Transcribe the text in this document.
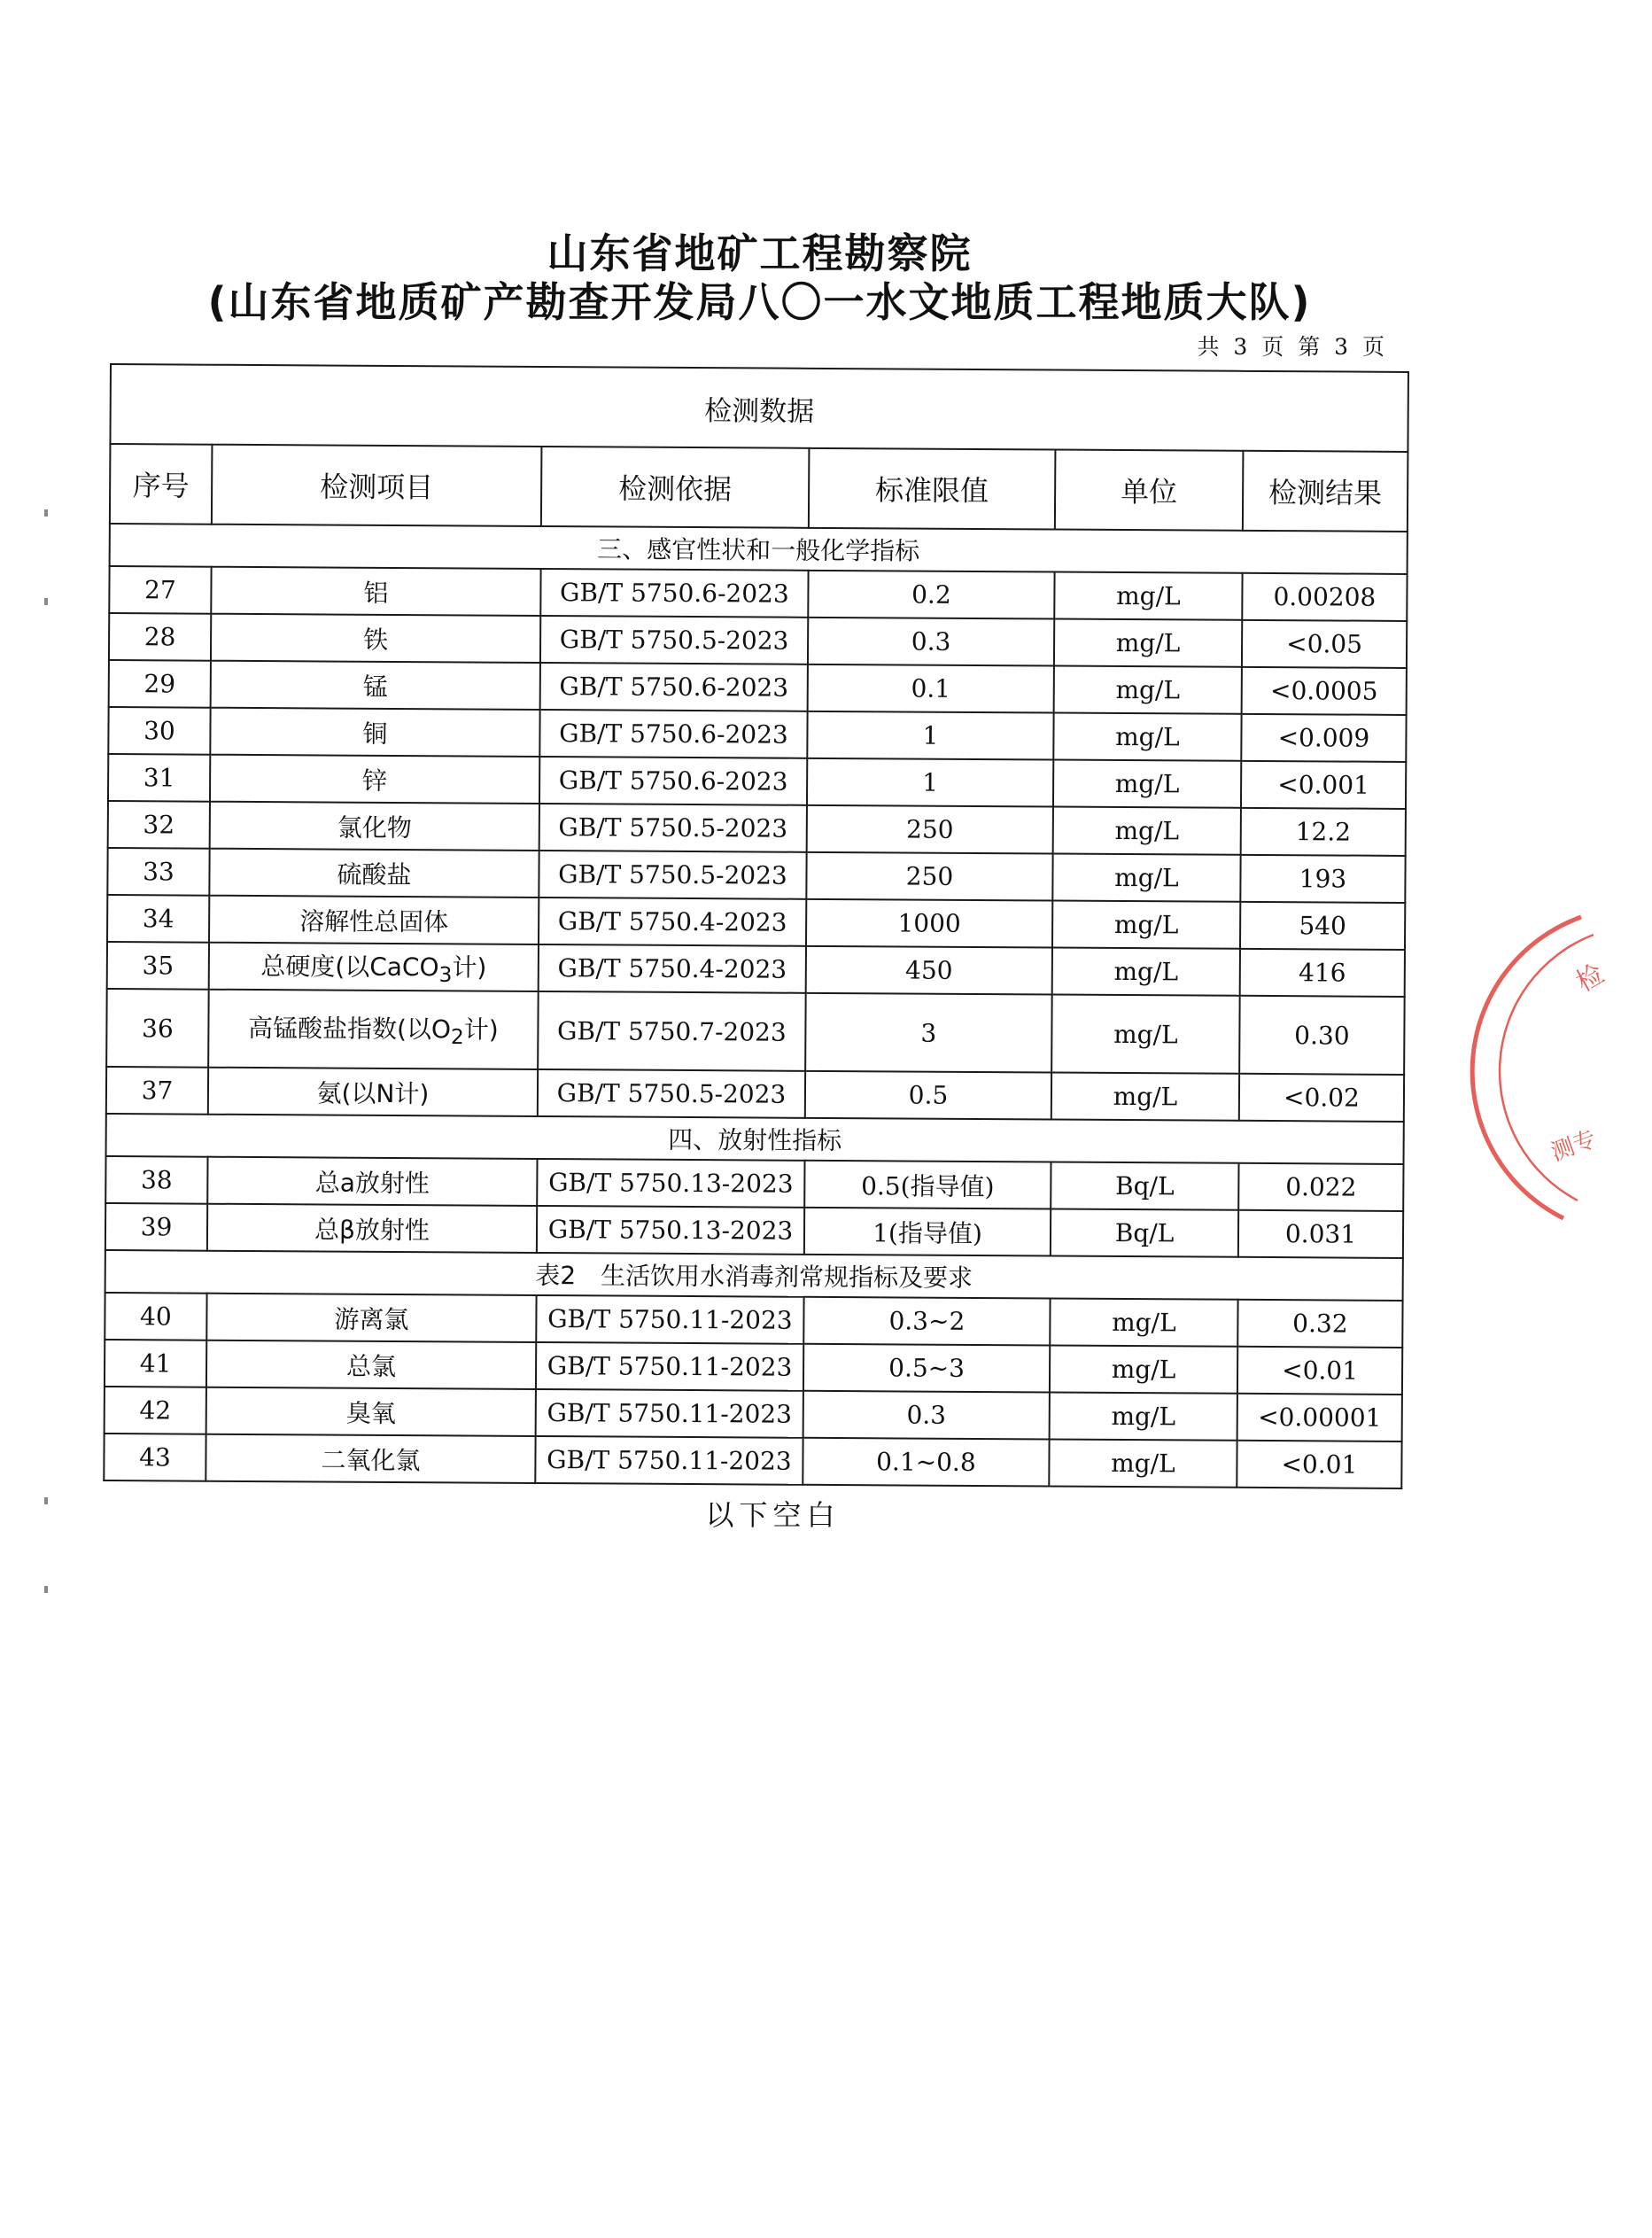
山东省地矿工程勘察院
(山东省地质矿产勘查开发局八〇一水文地质工程地质大队)
共 3 页 第 3 页
检测数据					
序号	检测项目	检测依据	标准限值	单位	检测结果
三、感官性状和一般化学指标					
27	铝	GB/T 5750.6-2023	0.2	mg/L	0.00208
28	铁	GB/T 5750.5-2023	0.3	mg/L	<0.05
29	锰	GB/T 5750.6-2023	0.1	mg/L	<0.0005
30	铜	GB/T 5750.6-2023	1	mg/L	<0.009
31	锌	GB/T 5750.6-2023	1	mg/L	<0.001
32	氯化物	GB/T 5750.5-2023	250	mg/L	12.2
33	硫酸盐	GB/T 5750.5-2023	250	mg/L	193
34	溶解性总固体	GB/T 5750.4-2023	1000	mg/L	540
35	总硬度(以CaCO$_3$计)	GB/T 5750.4-2023	450	mg/L	416
36	高锰酸盐指数(以$O_2$计)	GB/T 5750.7-2023	3	mg/L	0.30
37	氨(以N计)	GB/T 5750.5-2023	0.5	mg/L	<0.02
四、放射性指标					
38	总a放射性	GB/T 5750.13-2023	0.5(指导值)	Bq/L	0.022
39	总β放射性	GB/T 5750.13-2023	1(指导值)	Bq/L	0.031
表2　生活饮用水消毒剂常规指标及要求					
40	游离氯	GB/T 5750.11-2023	0.3~2	mg/L	0.32
41	总氯	GB/T 5750.11-2023	0.5~3	mg/L	<0.01
42	臭氧	GB/T 5750.11-2023	0.3	mg/L	<0.00001
43	二氧化氯	GB/T 5750.11-2023	0.1~0.8	mg/L	<0.01
以下空白
检
测专
